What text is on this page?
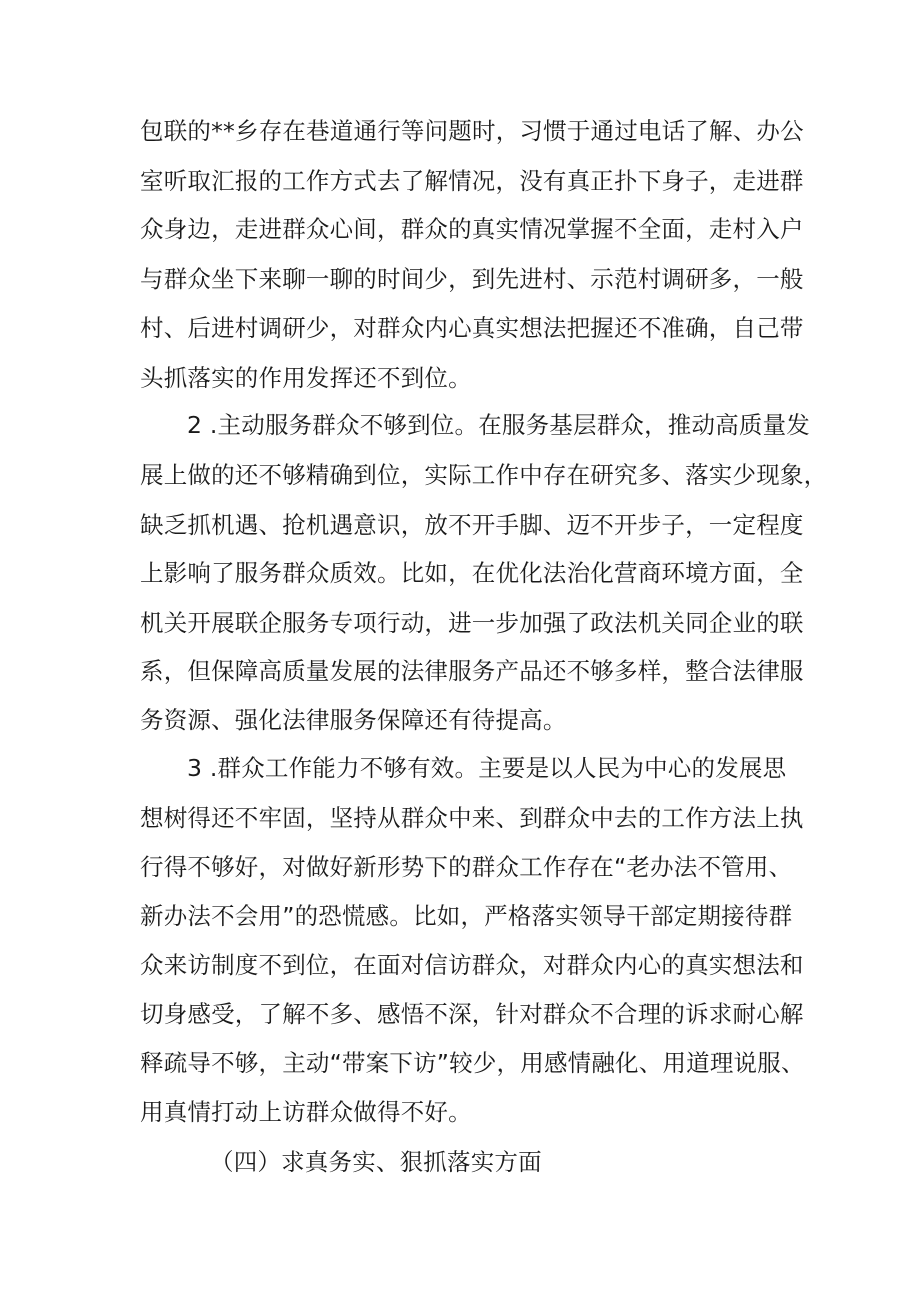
包联的**乡存在巷道通行等问题时，习惯于通过电话了解、办公
室听取汇报的工作方式去了解情况，没有真正扑下身子，走进群
众身边，走进群众心间，群众的真实情况掌握不全面，走村入户
与群众坐下来聊一聊的时间少，到先进村、示范村调研多，一般
村、后进村调研少，对群众内心真实想法把握还不准确，自己带
头抓落实的作用发挥还不到位。
2 .主动服务群众不够到位。在服务基层群众，推动高质量发
展上做的还不够精确到位，实际工作中存在研究多、落实少现象，
缺乏抓机遇、抢机遇意识，放不开手脚、迈不开步子，一定程度
上影响了服务群众质效。比如，在优化法治化营商环境方面，全
机关开展联企服务专项行动，进一步加强了政法机关同企业的联
系，但保障高质量发展的法律服务产品还不够多样，整合法律服
务资源、强化法律服务保障还有待提高。
3 .群众工作能力不够有效。主要是以人民为中心的发展思
想树得还不牢固，坚持从群众中来、到群众中去的工作方法上执
行得不够好，对做好新形势下的群众工作存在“老办法不管用、
新办法不会用”的恐慌感。比如，严格落实领导干部定期接待群
众来访制度不到位，在面对信访群众，对群众内心的真实想法和
切身感受，了解不多、感悟不深，针对群众不合理的诉求耐心解
释疏导不够，主动“带案下访”较少，用感情融化、用道理说服、
用真情打动上访群众做得不好。
（四）求真务实、狠抓落实方面
